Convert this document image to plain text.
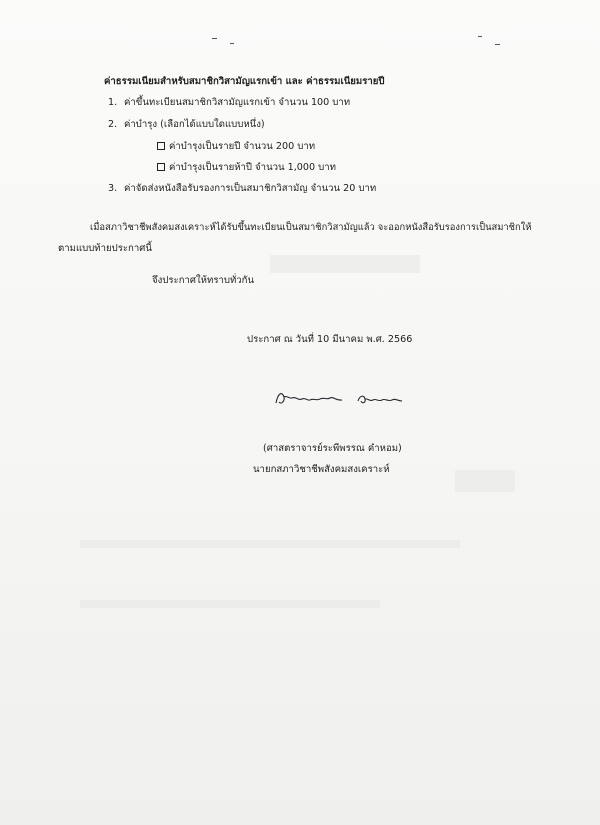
ค่าธรรมเนียมสำหรับสมาชิกวิสามัญแรกเข้า และ ค่าธรรมเนียมรายปี
1. ค่าขึ้นทะเบียนสมาชิกวิสามัญแรกเข้า จำนวน 100 บาท
2. ค่าบำรุง (เลือกได้แบบใดแบบหนึ่ง)
ค่าบำรุงเป็นรายปี จำนวน 200 บาท
ค่าบำรุงเป็นรายห้าปี จำนวน 1,000 บาท
3. ค่าจัดส่งหนังสือรับรองการเป็นสมาชิกวิสามัญ จำนวน 20 บาท
เมื่อสภาวิชาชีพสังคมสงเคราะห์ได้รับขึ้นทะเบียนเป็นสมาชิกวิสามัญแล้ว จะออกหนังสือรับรองการเป็นสมาชิกให้
ตามแบบท้ายประกาศนี้
จึงประกาศให้ทราบทั่วกัน
ประกาศ ณ วันที่ 10 มีนาคม พ.ศ. 2566
(ศาสตราจารย์ระพีพรรณ คำหอม)
นายกสภาวิชาชีพสังคมสงเคราะห์
